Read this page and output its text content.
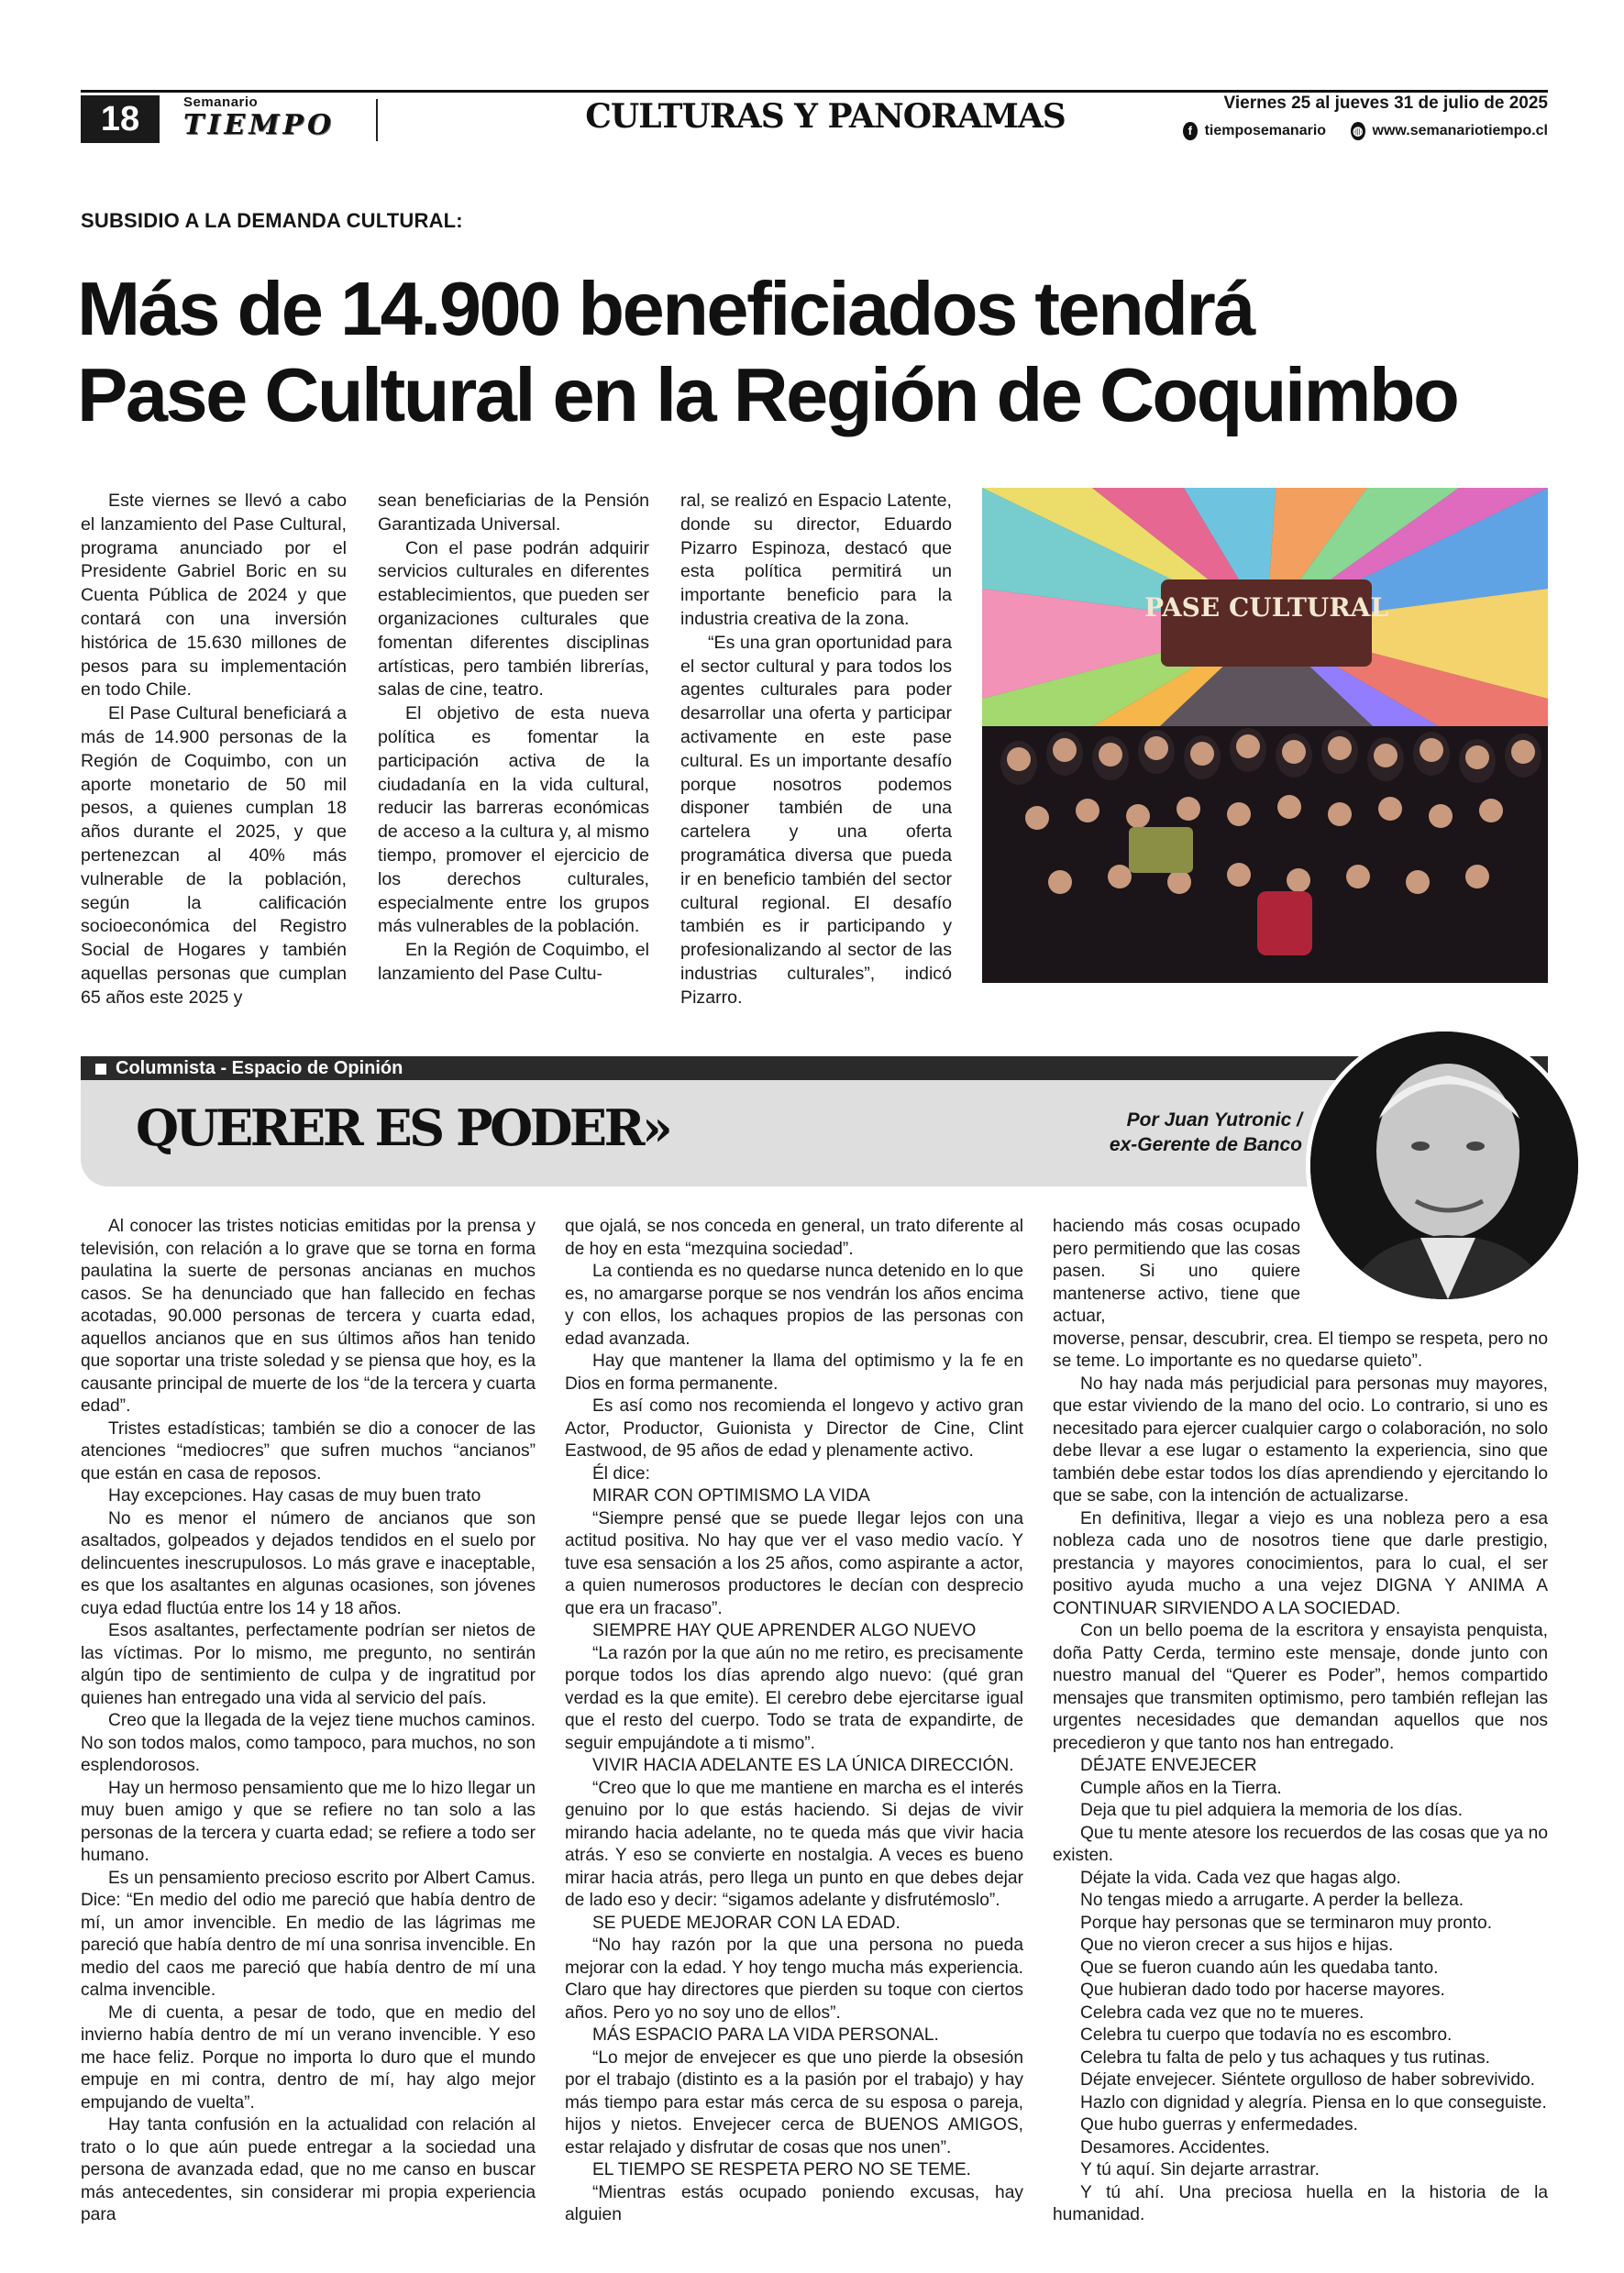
18	Semanario
TIEMPO	CULTURAS Y PANORAMAS	Viernes 25 al jueves 31 de julio de 2025
f tiemposemanario ◍ www.semanariotiempo.cl
SUBSIDIO A LA DEMANDA CULTURAL:
Más de 14.900 beneficiados tendrá
Pase Cultural en la Región de Coquimbo

Este viernes se llevó a cabo el lanzamiento del Pase Cultural, programa anunciado por el Presidente Gabriel Boric en su Cuenta Pública de 2024 y que contará con una inversión histórica de 15.630 millones de pesos para su implementación en todo Chile.

El Pase Cultural beneficiará a más de 14.900 personas de la Región de Coquimbo, con un aporte monetario de 50 mil pesos, a quienes cumplan 18 años durante el 2025, y que pertenezcan al 40% más vulnerable de la población, según la calificación socioeconómica del Registro Social de Hogares y también aquellas personas que cumplan 65 años este 2025 y

sean beneficiarias de la Pensión Garantizada Universal.

Con el pase podrán adquirir servicios culturales en diferentes establecimientos, que pueden ser organizaciones culturales que fomentan diferentes disciplinas artísticas, pero también librerías, salas de cine, teatro.

El objetivo de esta nueva política es fomentar la participación activa de la ciudadanía en la vida cultural, reducir las barreras económicas de acceso a la cultura y, al mismo tiempo, promover el ejercicio de los derechos culturales, especialmente entre los grupos más vulnerables de la población.

En la Región de Coquimbo, el lanzamiento del Pase Cultu-

ral, se realizó en Espacio Latente, donde su director, Eduardo Pizarro Espinoza, destacó que esta política permitirá un importante beneficio para la industria creativa de la zona.

“Es una gran oportunidad para el sector cultural y para todos los agentes culturales para poder desarrollar una oferta y participar activamente en este pase cultural. Es un importante desafío porque nosotros podemos disponer también de una cartelera y una oferta programática diversa que pueda ir en beneficio también del sector cultural regional. El desafío también es ir participando y profesionalizando al sector de las industrias culturales”, indicó Pizarro.

PASE CULTURAL
Columnista - Espacio de Opinión
QUERER ES PODER»	Por Juan Yutronic /
ex-Gerente de Banco

Al conocer las tristes noticias emitidas por la prensa y televisión, con relación a lo grave que se torna en forma paulatina la suerte de personas ancianas en muchos casos. Se ha denunciado que han fallecido en fechas acotadas, 90.000 personas de tercera y cuarta edad, aquellos ancianos que en sus últimos años han tenido que soportar una triste soledad y se piensa que hoy, es la causante principal de muerte de los “de la tercera y cuarta edad”.

Tristes estadísticas; también se dio a conocer de las atenciones “mediocres” que sufren muchos “ancianos” que están en casa de reposos.

Hay excepciones. Hay casas de muy buen trato

No es menor el número de ancianos que son asaltados, golpeados y dejados tendidos en el suelo por delincuentes inescrupulosos. Lo más grave e inaceptable, es que los asaltantes en algunas ocasiones, son jóvenes cuya edad fluctúa entre los 14 y 18 años.

Esos asaltantes, perfectamente podrían ser nietos de las víctimas. Por lo mismo, me pregunto, no sentirán algún tipo de sentimiento de culpa y de ingratitud por quienes han entregado una vida al servicio del país.

Creo que la llegada de la vejez tiene muchos caminos. No son todos malos, como tampoco, para muchos, no son esplendorosos.

Hay un hermoso pensamiento que me lo hizo llegar un muy buen amigo y que se refiere no tan solo a las personas de la tercera y cuarta edad; se refiere a todo ser humano.

Es un pensamiento precioso escrito por Albert Camus. Dice: “En medio del odio me pareció que había dentro de mí, un amor invencible. En medio de las lágrimas me pareció que había dentro de mí una sonrisa invencible. En medio del caos me pareció que había dentro de mí una calma invencible.

Me di cuenta, a pesar de todo, que en medio del invierno había dentro de mí un verano invencible. Y eso me hace feliz. Porque no importa lo duro que el mundo empuje en mi contra, dentro de mí, hay algo mejor empujando de vuelta”.

Hay tanta confusión en la actualidad con relación al trato o lo que aún puede entregar a la sociedad una persona de avanzada edad, que no me canso en buscar más antecedentes, sin considerar mi propia experiencia para

que ojalá, se nos conceda en general, un trato diferente al de hoy en esta “mezquina sociedad”.

La contienda es no quedarse nunca detenido en lo que es, no amargarse porque se nos vendrán los años encima y con ellos, los achaques propios de las personas con edad avanzada.

Hay que mantener la llama del optimismo y la fe en Dios en forma permanente.

Es así como nos recomienda el longevo y activo gran Actor, Productor, Guionista y Director de Cine, Clint Eastwood, de 95 años de edad y plenamente activo.

Él dice:

MIRAR CON OPTIMISMO LA VIDA

“Siempre pensé que se puede llegar lejos con una actitud positiva. No hay que ver el vaso medio vacío. Y tuve esa sensación a los 25 años, como aspirante a actor, a quien numerosos productores le decían con desprecio que era un fracaso”.

SIEMPRE HAY QUE APRENDER ALGO NUEVO

“La razón por la que aún no me retiro, es precisamente porque todos los días aprendo algo nuevo: (qué gran verdad es la que emite). El cerebro debe ejercitarse igual que el resto del cuerpo. Todo se trata de expandirte, de seguir empujándote a ti mismo”.

VIVIR HACIA ADELANTE ES LA ÚNICA DIRECCIÓN.

“Creo que lo que me mantiene en marcha es el interés genuino por lo que estás haciendo. Si dejas de vivir mirando hacia adelante, no te queda más que vivir hacia atrás. Y eso se convierte en nostalgia. A veces es bueno mirar hacia atrás, pero llega un punto en que debes dejar de lado eso y decir: “sigamos adelante y disfrutémoslo”.

SE PUEDE MEJORAR CON LA EDAD.

“No hay razón por la que una persona no pueda mejorar con la edad. Y hoy tengo mucha más experiencia. Claro que hay directores que pierden su toque con ciertos años. Pero yo no soy uno de ellos”.

MÁS ESPACIO PARA LA VIDA PERSONAL.

“Lo mejor de envejecer es que uno pierde la obsesión por el trabajo (distinto es a la pasión por el trabajo) y hay más tiempo para estar más cerca de su esposa o pareja, hijos y nietos. Envejecer cerca de BUENOS AMIGOS, estar relajado y disfrutar de cosas que nos unen”.

EL TIEMPO SE RESPETA PERO NO SE TEME.

“Mientras estás ocupado poniendo excusas, hay alguien

haciendo más cosas ocupado pero permitiendo que las cosas pasen. Si uno quiere mantenerse activo, tiene que actuar,

moverse, pensar, descubrir, crea. El tiempo se respeta, pero no se teme. Lo importante es no quedarse quieto”.

No hay nada más perjudicial para personas muy mayores, que estar viviendo de la mano del ocio. Lo contrario, si uno es necesitado para ejercer cualquier cargo o colaboración, no solo debe llevar a ese lugar o estamento la experiencia, sino que también debe estar todos los días aprendiendo y ejercitando lo que se sabe, con la intención de actualizarse.

En definitiva, llegar a viejo es una nobleza pero a esa nobleza cada uno de nosotros tiene que darle prestigio, prestancia y mayores conocimientos, para lo cual, el ser positivo ayuda mucho a una vejez DIGNA Y ANIMA A CONTINUAR SIRVIENDO A LA SOCIEDAD.

Con un bello poema de la escritora y ensayista penquista, doña Patty Cerda, termino este mensaje, donde junto con nuestro manual del “Querer es Poder”, hemos compartido mensajes que transmiten optimismo, pero también reflejan las urgentes necesidades que demandan aquellos que nos precedieron y que tanto nos han entregado.

DÉJATE ENVEJECER

Cumple años en la Tierra.

Deja que tu piel adquiera la memoria de los días.

Que tu mente atesore los recuerdos de las cosas que ya no existen.

Déjate la vida. Cada vez que hagas algo.

No tengas miedo a arrugarte. A perder la belleza.

Porque hay personas que se terminaron muy pronto.

Que no vieron crecer a sus hijos e hijas.

Que se fueron cuando aún les quedaba tanto.

Que hubieran dado todo por hacerse mayores.

Celebra cada vez que no te mueres.

Celebra tu cuerpo que todavía no es escombro.

Celebra tu falta de pelo y tus achaques y tus rutinas.

Déjate envejecer. Siéntete orgulloso de haber sobrevivido.

Hazlo con dignidad y alegría. Piensa en lo que conseguiste.

Que hubo guerras y enfermedades.

Desamores. Accidentes.

Y tú aquí. Sin dejarte arrastrar.

Y tú ahí. Una preciosa huella en la historia de la humanidad.
